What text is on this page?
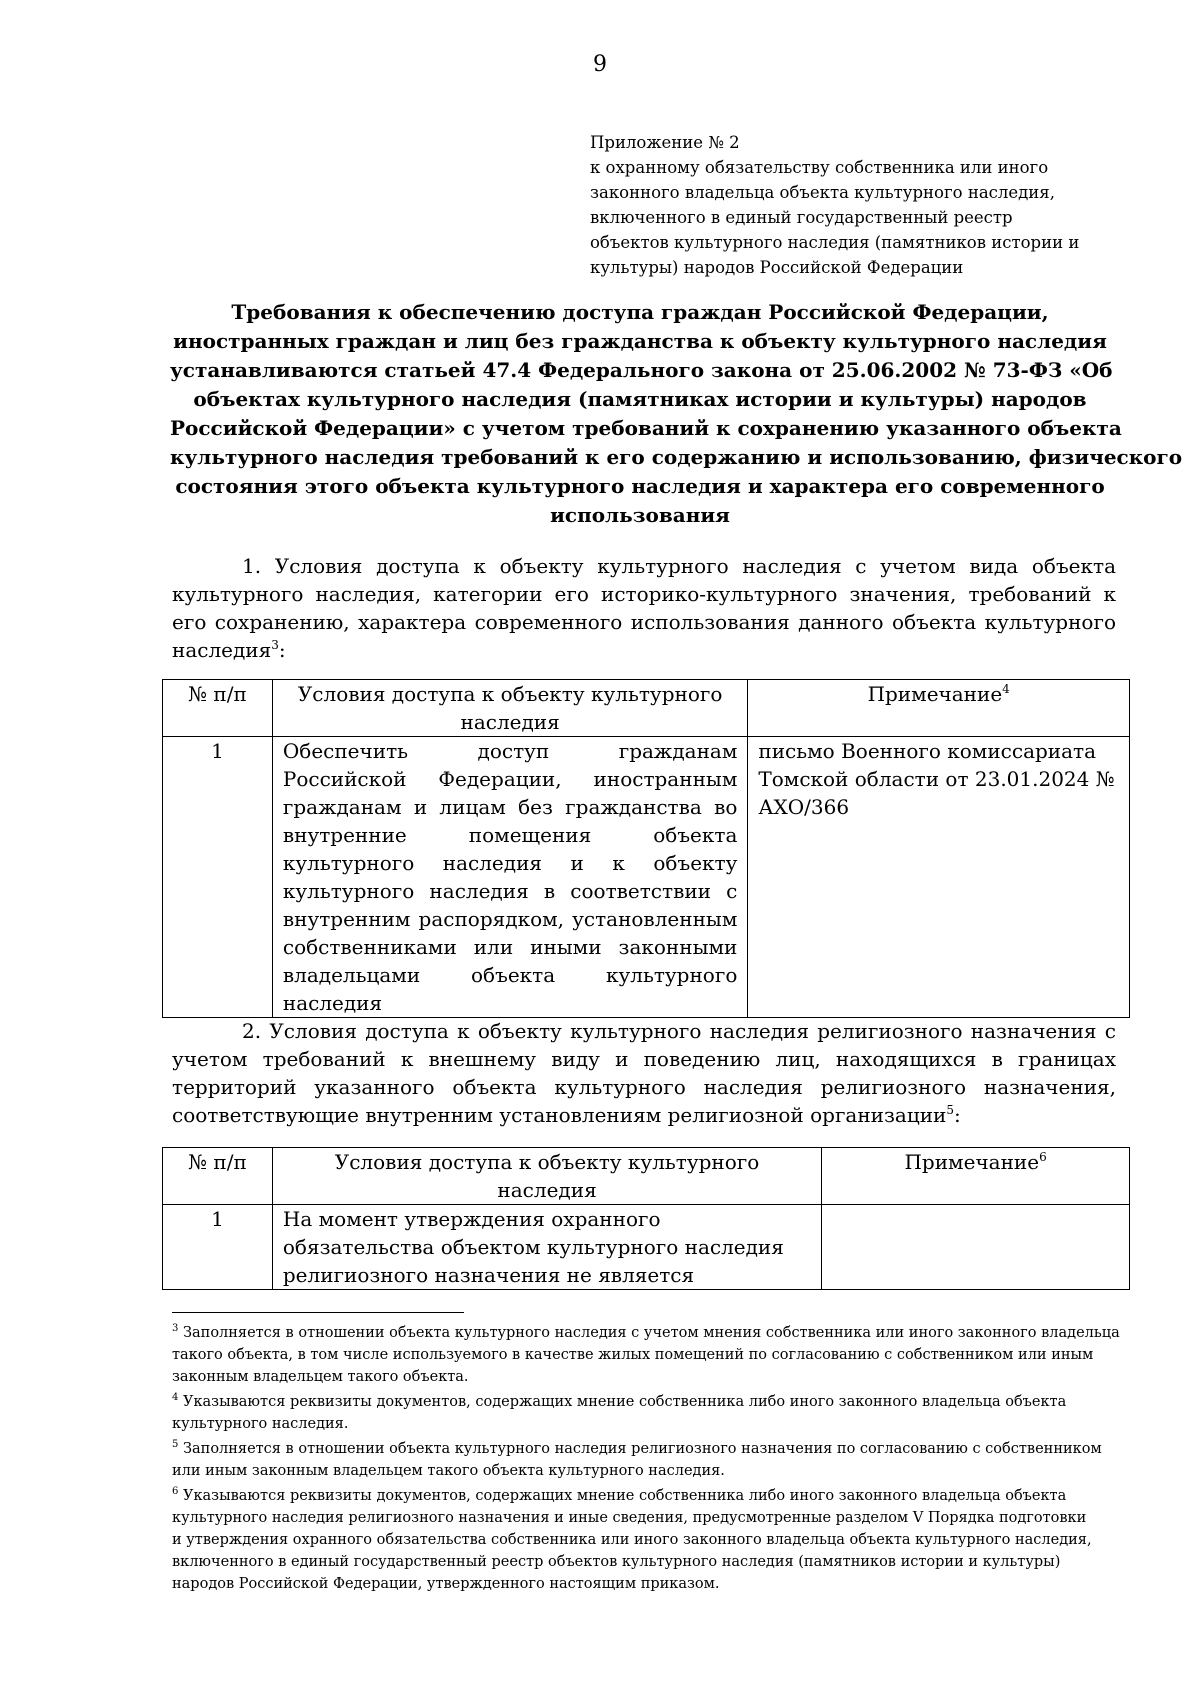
9
Приложение № 2
к охранному обязательству собственника или иного
законного владельца объекта культурного наследия,
включенного в единый государственный реестр
объектов культурного наследия (памятников истории и
культуры) народов Российской Федерации
Требования к обеспечению доступа граждан Российской Федерации,
иностранных граждан и лиц без гражданства к объекту культурного наследия
устанавливаются статьей 47.4 Федерального закона от 25.06.2002 № 73-ФЗ «Об
объектах культурного наследия (памятниках истории и культуры) народов
Российской Федерации» с учетом требований к сохранению указанного объекта
культурного наследия требований к его содержанию и использованию, физического
состояния этого объекта культурного наследия и характера его современного
использования
1. Условия доступа к объекту культурного наследия с учетом вида объекта культурного наследия, категории его историко-культурного значения, требований к его сохранению, характера современного использования данного объекта культурного наследия$^3$:
№ п/п	Условия доступа к объекту культурного наследия	Примечание$^4$
1	Обеспечить доступ гражданам Российской Федерации, иностранным гражданам и лицам без гражданства во внутренние помещения объекта культурного наследия и к объекту культурного наследия в соответствии с внутренним распорядком, установленным собственниками или иными законными владельцами объекта культурного наследия	письмо Военного комиссариата Томской области от 23.01.2024 № АХО/366
2. Условия доступа к объекту культурного наследия религиозного назначения с учетом требований к внешнему виду и поведению лиц, находящихся в границах территорий указанного объекта культурного наследия религиозного назначения, соответствующие внутренним установлениям религиозной организации$^5$:
№ п/п	Условия доступа к объекту культурного наследия	Примечание$^6$
1	На момент утверждения охранного обязательства объектом культурного наследия религиозного назначения не является	
$^3$ Заполняется в отношении объекта культурного наследия с учетом мнения собственника или иного законного владельца
такого объекта, в том числе используемого в качестве жилых помещений по согласованию с собственником или иным
законным владельцем такого объекта.
$^4$ Указываются реквизиты документов, содержащих мнение собственника либо иного законного владельца объекта
культурного наследия.
$^5$ Заполняется в отношении объекта культурного наследия религиозного назначения по согласованию с собственником
или иным законным владельцем такого объекта культурного наследия.
$^6$ Указываются реквизиты документов, содержащих мнение собственника либо иного законного владельца объекта
культурного наследия религиозного назначения и иные сведения, предусмотренные разделом V Порядка подготовки
и утверждения охранного обязательства собственника или иного законного владельца объекта культурного наследия,
включенного в единый государственный реестр объектов культурного наследия (памятников истории и культуры)
народов Российской Федерации, утвержденного настоящим приказом.
